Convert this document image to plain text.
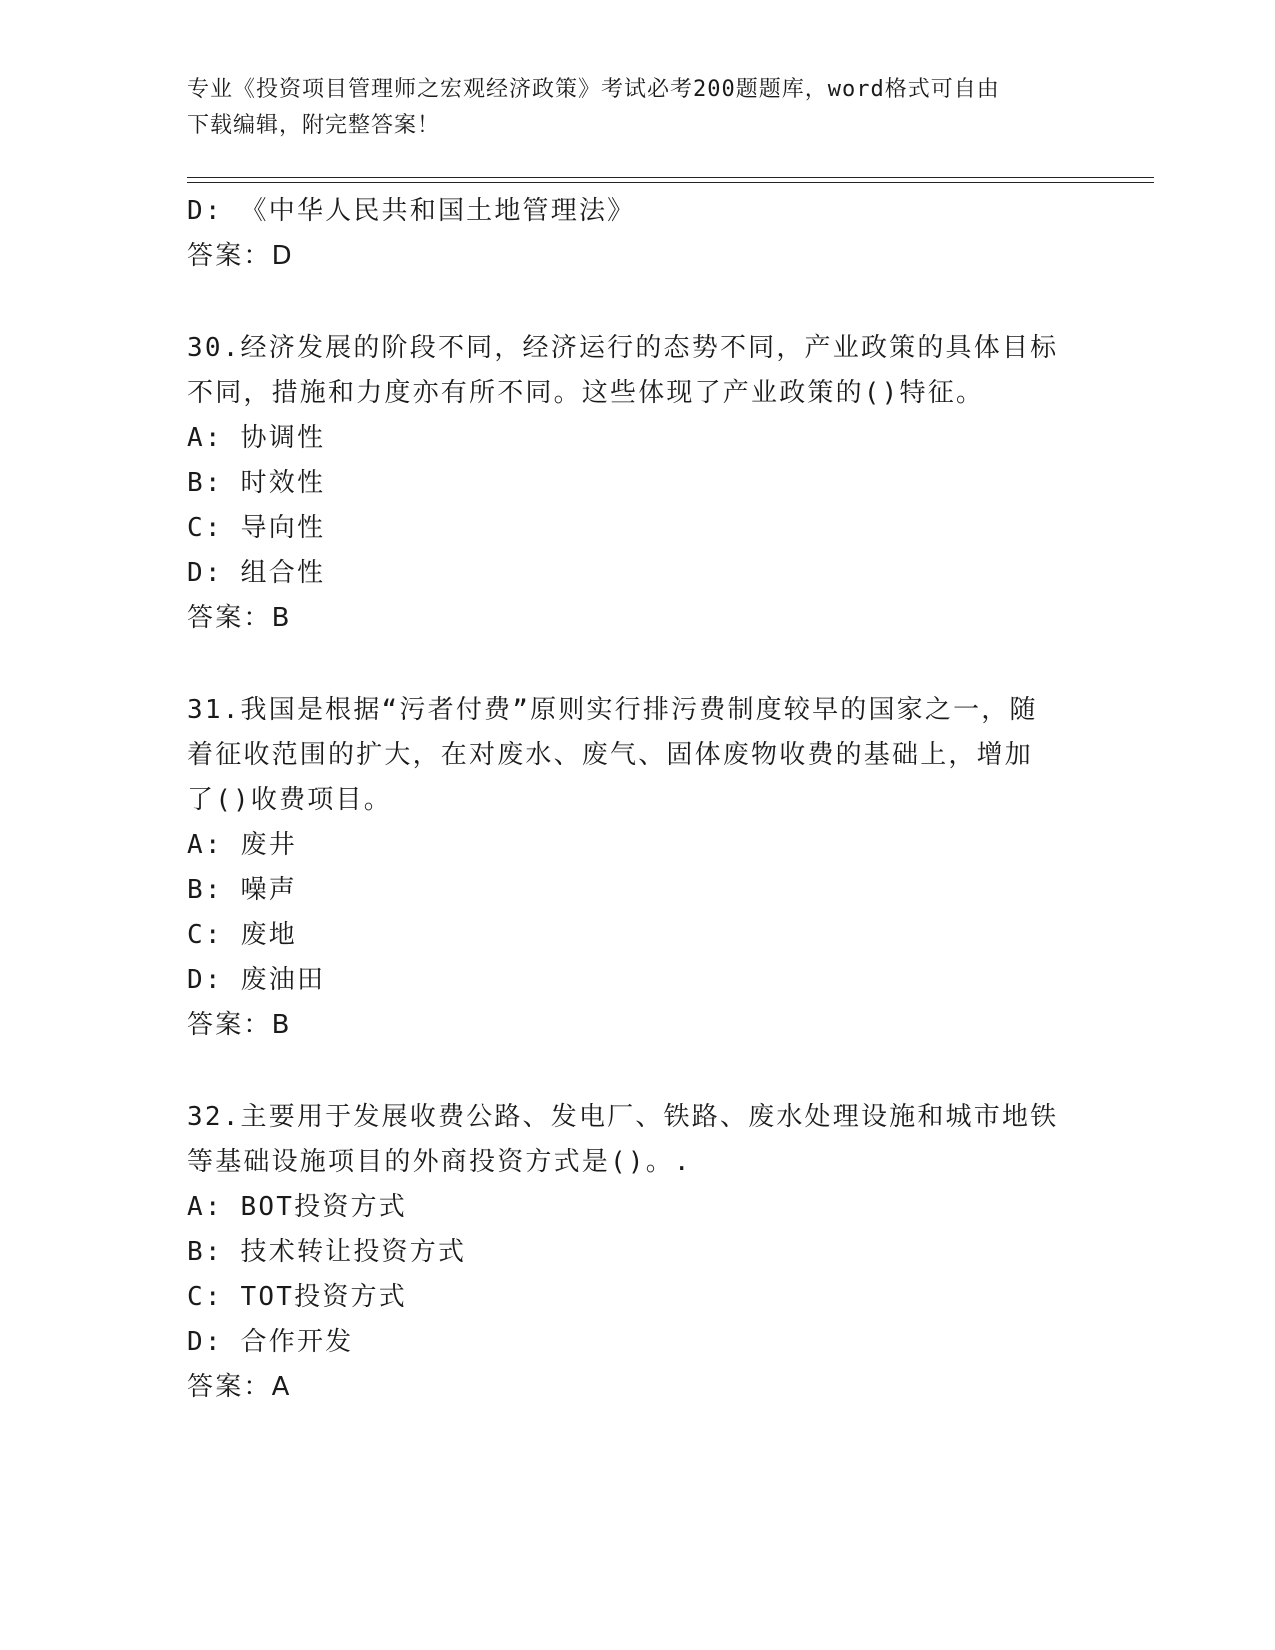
专业《投资项目管理师之宏观经济政策》考试必考200题题库，word格式可自由
下载编辑，附完整答案！
D: 《中华人民共和国土地管理法》
答案：D
30.经济发展的阶段不同，经济运行的态势不同，产业政策的具体目标
不同，措施和力度亦有所不同。这些体现了产业政策的()特征。
A: 协调性
B: 时效性
C: 导向性
D: 组合性
答案：B
31.我国是根据“污者付费”原则实行排污费制度较早的国家之一，随
着征收范围的扩大，在对废水、废气、固体废物收费的基础上，增加
了()收费项目。
A: 废井
B: 噪声
C: 废地
D: 废油田
答案：B
32.主要用于发展收费公路、发电厂、铁路、废水处理设施和城市地铁
等基础设施项目的外商投资方式是()。.
A: BOT投资方式
B: 技术转让投资方式
C: TOT投资方式
D: 合作开发
答案：A
